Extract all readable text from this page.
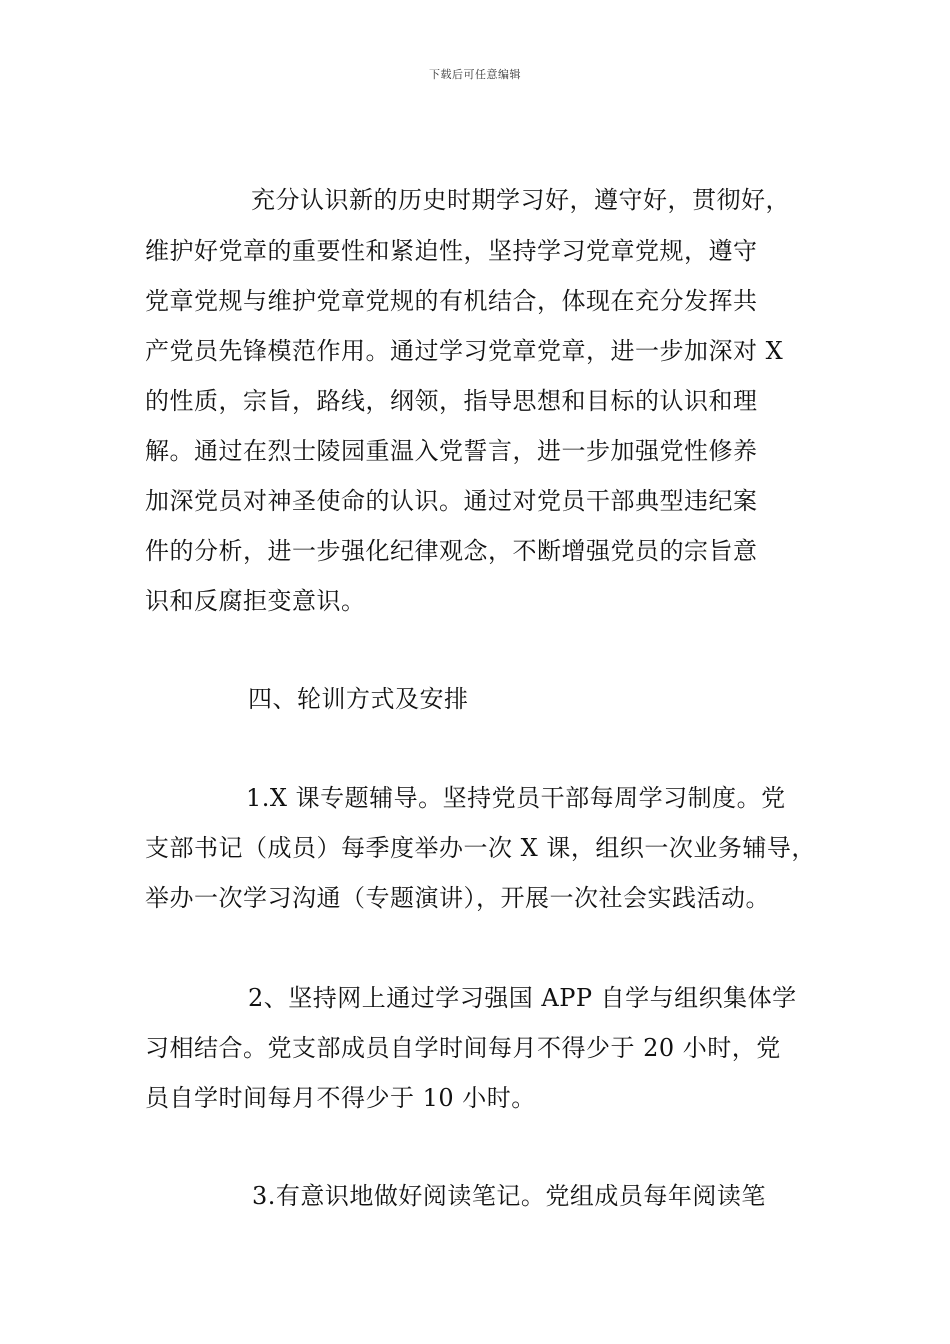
下载后可任意编辑
充分认识新的历史时期学习好，遵守好，贯彻好，
维护好党章的重要性和紧迫性，坚持学习党章党规，遵守
党章党规与维护党章党规的有机结合，体现在充分发挥共
产党员先锋模范作用。通过学习党章党章，进一步加深对 X
的性质，宗旨，路线，纲领，指导思想和目标的认识和理
解。通过在烈士陵园重温入党誓言，进一步加强党性修养
加深党员对神圣使命的认识。通过对党员干部典型违纪案
件的分析，进一步强化纪律观念，不断增强党员的宗旨意
识和反腐拒变意识。
四、轮训方式及安排
1.X 课专题辅导。坚持党员干部每周学习制度。党
支部书记（成员）每季度举办一次 X 课，组织一次业务辅导，
举办一次学习沟通（专题演讲），开展一次社会实践活动。
2、坚持网上通过学习强国 APP 自学与组织集体学
习相结合。党支部成员自学时间每月不得少于 20 小时，党
员自学时间每月不得少于 10 小时。
3.有意识地做好阅读笔记。党组成员每年阅读笔
